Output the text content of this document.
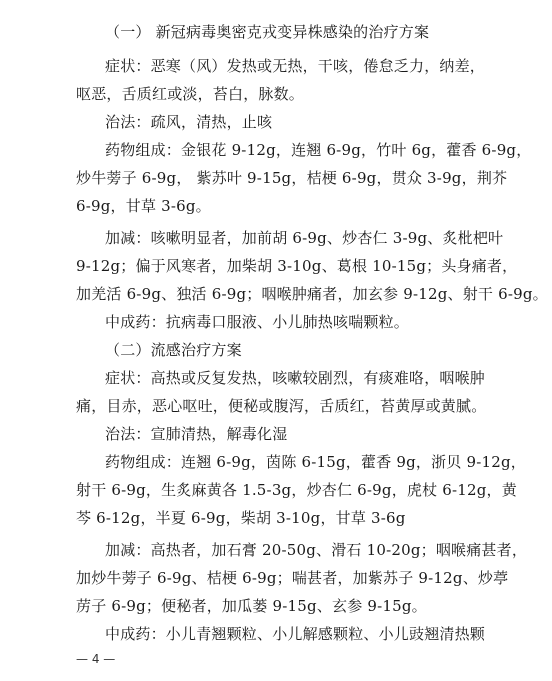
（一） 新冠病毒奥密克戎变异株感染的治疗方案
症状：恶寒（风）发热或无热，干咳，倦怠乏力，纳差，
呕恶，舌质红或淡，苔白，脉数。
治法：疏风，清热，止咳
药物组成：金银花 9-12g，连翘 6-9g，竹叶 6g，藿香 6-9g，
炒牛蒡子 6-9g， 紫苏叶 9-15g，桔梗 6-9g，贯众 3-9g，荆芥
6-9g，甘草 3-6g。
加减：咳嗽明显者，加前胡 6-9g、炒杏仁 3-9g、炙枇杷叶
9-12g；偏于风寒者，加柴胡 3-10g、葛根 10-15g；头身痛者，
加羌活 6-9g、独活 6-9g；咽喉肿痛者，加玄参 9-12g、射干 6-9g。
中成药：抗病毒口服液、小儿肺热咳喘颗粒。
（二）流感治疗方案
症状：高热或反复发热，咳嗽较剧烈，有痰难咯，咽喉肿
痛，目赤，恶心呕吐，便秘或腹泻，舌质红，苔黄厚或黄腻。
治法：宣肺清热，解毒化湿
药物组成：连翘 6-9g，茵陈 6-15g，藿香 9g，浙贝 9-12g，
射干 6-9g，生炙麻黄各 1.5-3g，炒杏仁 6-9g，虎杖 6-12g，黄
芩 6-12g，半夏 6-9g，柴胡 3-10g，甘草 3-6g
加减：高热者，加石膏 20-50g、滑石 10-20g；咽喉痛甚者，
加炒牛蒡子 6-9g、桔梗 6-9g；喘甚者，加紫苏子 9-12g、炒葶
苈子 6-9g；便秘者，加瓜蒌 9-15g、玄参 9-15g。
中成药：小儿青翘颗粒、小儿解感颗粒、小儿豉翘清热颗
— 4 —
